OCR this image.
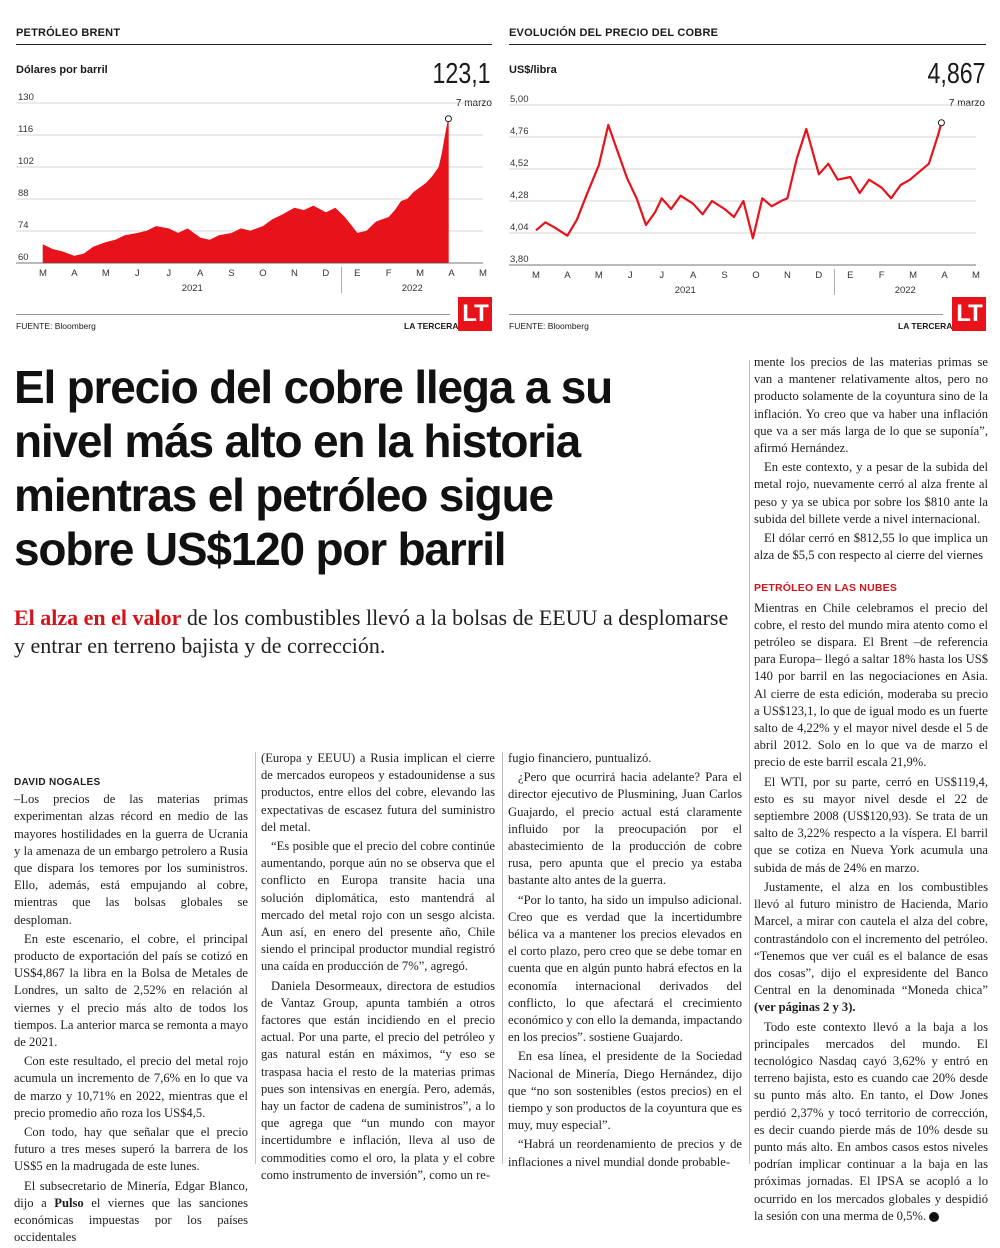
PETRÓLEO BRENT
Dólares por barril	123,1
7 marzo
130
116
102
88
74
60
M	A	M	J	J	A	S	O	N	D	E	F	M	A	M
2021	2022
FUENTE: Bloomberg	LA TERCERA LT
EVOLUCIÓN DEL PRECIO DEL COBRE
US$/libra	4,867
7 marzo
5,00
4,76
4,52
4,28
4,04
3,80
M	A	M	J	J	A	S	O	N	D	E	F	M	A	M
2021	2022
FUENTE: Bloomberg	LA TERCERA LT
El precio del cobre llega a su
nivel más alto en la historia
mientras el petróleo sigue
sobre US$120 por barril
El alza en el valor de los combustibles llevó a la bolsas de EEUU a desplomarse y entrar en terreno bajista y de corrección.
DAVID NOGALES

–Los precios de las materias primas experimentan alzas récord en medio de las mayores hostilidades en la guerra de Ucrania y la amenaza de un embargo petrolero a Rusia que dispara los temores por los suministros. Ello, además, está empujando al cobre, mientras que las bolsas globales se desploman.

En este escenario, el cobre, el principal producto de exportación del país se cotizó en US$4,867 la libra en la Bolsa de Metales de Londres, un salto de 2,52% en relación al viernes y el precio más alto de todos los tiempos. La anterior marca se remonta a mayo de 2021.

Con este resultado, el precio del metal rojo acumula un incremento de 7,6% en lo que va de marzo y 10,71% en 2022, mientras que el precio promedio año roza los US$4,5.

Con todo, hay que señalar que el precio futuro a tres meses superó la barrera de los US$5 en la madrugada de este lunes.

El subsecretario de Minería, Edgar Blanco, dijo a Pulso el viernes que las sanciones económicas impuestas por los países occidentales

(Europa y EEUU) a Rusia implican el cierre de mercados europeos y estadounidense a sus productos, entre ellos del cobre, elevando las expectativas de escasez futura del suministro del metal.

“Es posible que el precio del cobre continúe aumentando, porque aún no se observa que el conflicto en Europa transite hacia una solución diplomática, esto mantendrá al mercado del metal rojo con un sesgo alcista. Aun así, en enero del presente año, Chile siendo el principal productor mundial registró una caída en producción de 7%”, agregó.

Daniela Desormeaux, directora de estudios de Vantaz Group, apunta también a otros factores que están incidiendo en el precio actual. Por una parte, el precio del petróleo y gas natural están en máximos, “y eso se traspasa hacia el resto de la materias primas pues son intensivas en energía. Pero, además, hay un factor de cadena de suministros”, a lo que agrega que “un mundo con mayor incertidumbre e inflación, lleva al uso de commodities como el oro, la plata y el cobre como instrumento de inversión”, como un re-

fugio financiero, puntualizó.

¿Pero que ocurrirá hacia adelante? Para el director ejecutivo de Plusmining, Juan Carlos Guajardo, el precio actual está claramente influido por la preocupación por el abastecimiento de la producción de cobre rusa, pero apunta que el precio ya estaba bastante alto antes de la guerra.

“Por lo tanto, ha sido un impulso adicional. Creo que es verdad que la incertidumbre bélica va a mantener los precios elevados en el corto plazo, pero creo que se debe tomar en cuenta que en algún punto habrá efectos en la economía internacional derivados del conflicto, lo que afectará el crecimiento económico y con ello la demanda, impactando en los precios”. sostiene Guajardo.

En esa línea, el presidente de la Sociedad Nacional de Minería, Diego Hernández, dijo que “no son sostenibles (estos precios) en el tiempo y son productos de la coyuntura que es muy, muy especial”.

“Habrá un reordenamiento de precios y de inflaciones a nivel mundial donde probable-

mente los precios de las materias primas se van a mantener relativamente altos, pero no producto solamente de la coyuntura sino de la inflación. Yo creo que va haber una inflación que va a ser más larga de lo que se suponía”, afirmó Hernández.

En este contexto, y a pesar de la subida del metal rojo, nuevamente cerró al alza frente al peso y ya se ubica por sobre los $810 ante la subida del billete verde a nivel internacional.

El dólar cerró en $812,55 lo que implica un alza de $5,5 con respecto al cierre del viernes

PETRÓLEO EN LAS NUBES

Mientras en Chile celebramos el precio del cobre, el resto del mundo mira atento como el petróleo se dispara. El Brent –de referencia para Europa– llegó a saltar 18% hasta los US$ 140 por barril en las negociaciones en Asia. Al cierre de esta edición, moderaba su precio a US$123,1, lo que de igual modo es un fuerte salto de 4,22% y el mayor nivel desde el 5 de abril 2012. Solo en lo que va de marzo el precio de este barril escala 21,9%.

El WTI, por su parte, cerró en US$119,4, esto es su mayor nivel desde el 22 de septiembre 2008 (US$120,93). Se trata de un salto de 3,22% respecto a la víspera. El barril que se cotiza en Nueva York acumula una subida de más de 24% en marzo.

Justamente, el alza en los combustibles llevó al futuro ministro de Hacienda, Mario Marcel, a mirar con cautela el alza del cobre, contrastándolo con el incremento del petróleo. “Tenemos que ver cuál es el balance de esas dos cosas”, dijo el expresidente del Banco Central en la denominada “Moneda chica” (ver páginas 2 y 3).

Todo este contexto llevó a la baja a los principales mercados del mundo. El tecnológico Nasdaq cayó 3,62% y entró en terreno bajista, esto es cuando cae 20% desde su punto más alto. En tanto, el Dow Jones perdió 2,37% y tocó territorio de corrección, es decir cuando pierde más de 10% desde su punto más alto. En ambos casos estos niveles podrían implicar continuar a la baja en las próximas jornadas. El IPSA se acopló a lo ocurrido en los mercados globales y despidió la sesión con una merma de 0,5%. P
